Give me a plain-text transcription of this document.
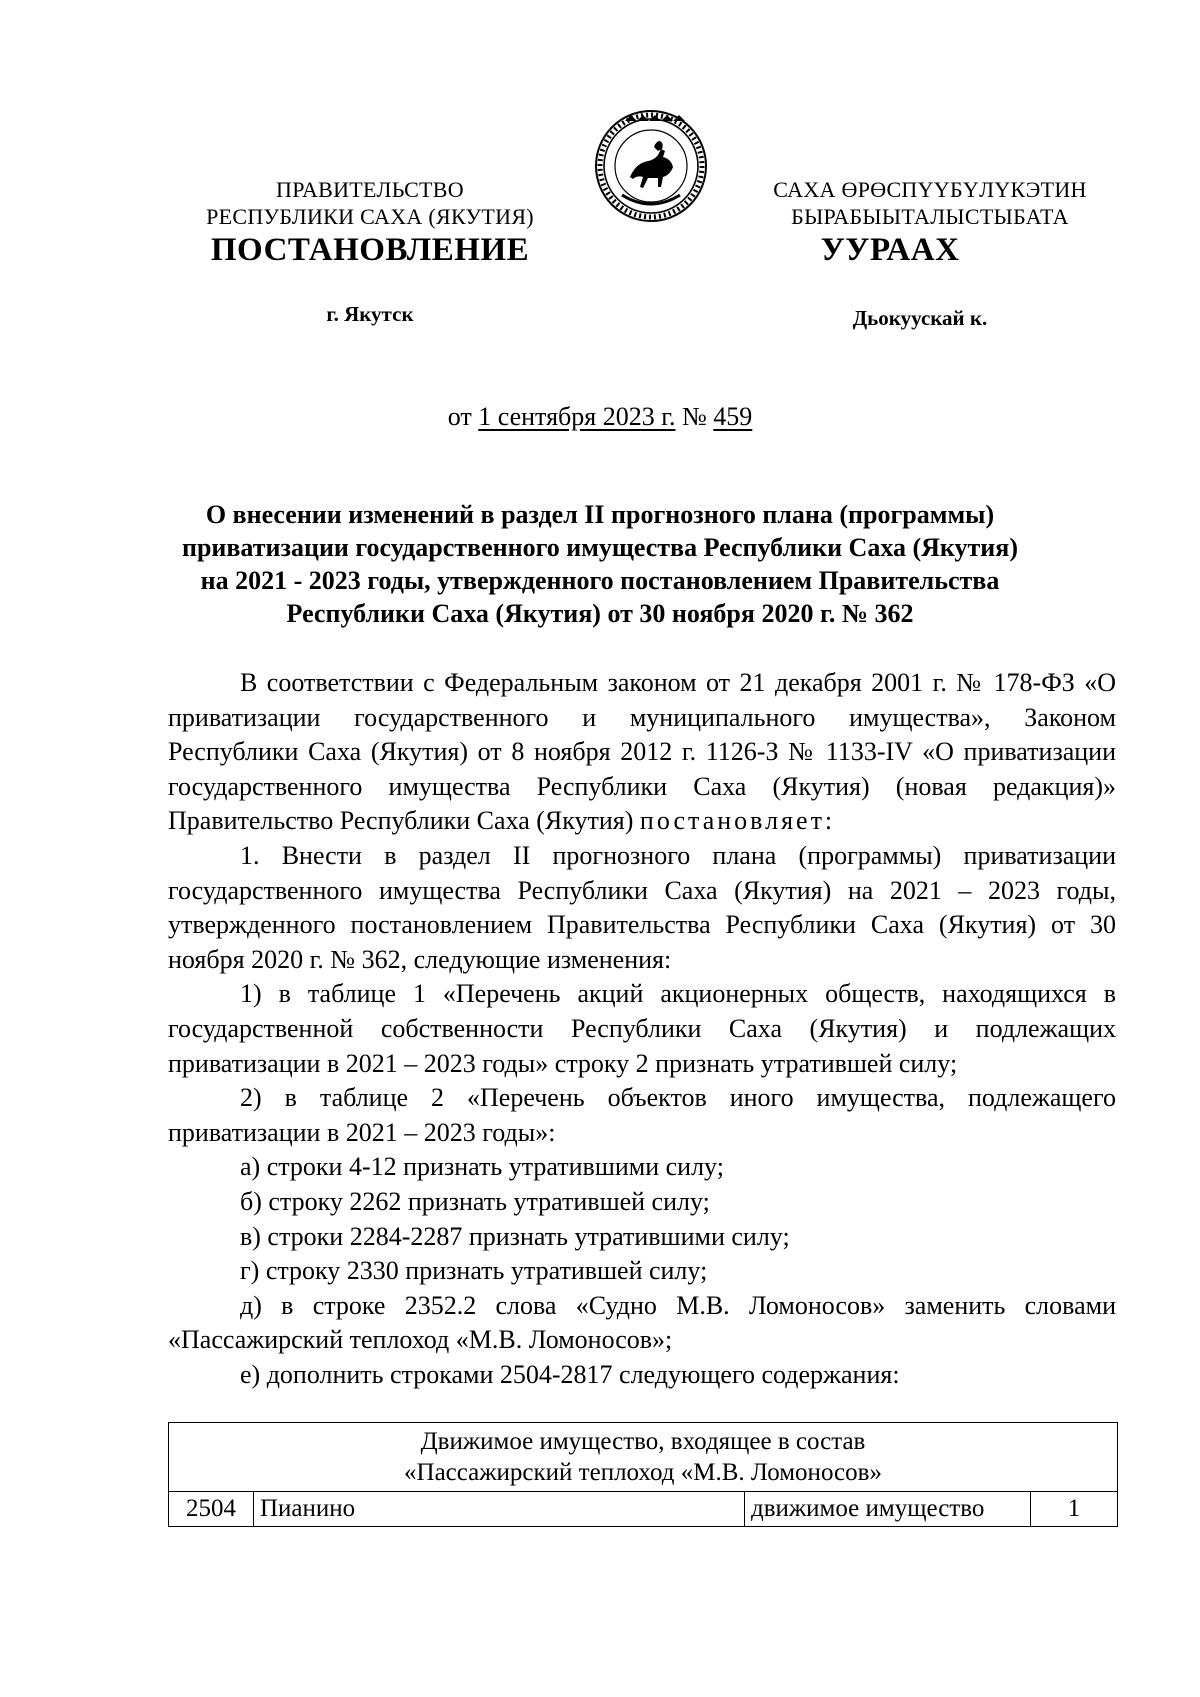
ПРАВИТЕЛЬСТВО
РЕСПУБЛИКИ САХА (ЯКУТИЯ)
САХА ӨРӨСПҮҮБҮЛҮКЭТИН
БЫРАБЫЫТАЛЫСТЫБАТА
ПОСТАНОВЛЕНИЕ	УУРААХ
г. Якутск	Дьокуускай к.
от 1 сентября 2023 г. № 459
О внесении изменений в раздел II прогнозного плана (программы)
приватизации государственного имущества Республики Саха (Якутия)
на 2021 - 2023 годы, утвержденного постановлением Правительства
Республики Саха (Якутия) от 30 ноября 2020 г. № 362

В соответствии с Федеральным законом от 21 декабря 2001 г. № 178-ФЗ «О приватизации государственного и муниципального имущества», Законом Республики Саха (Якутия) от 8 ноября 2012 г. 1126-З № 1133-IV «О приватизации государственного имущества Республики Саха (Якутия) (новая редакция)» Правительство Республики Саха (Якутия) постановляет:

1. Внести в раздел II прогнозного плана (программы) приватизации государственного имущества Республики Саха (Якутия) на 2021 – 2023 годы, утвержденного постановлением Правительства Республики Саха (Якутия) от 30 ноября 2020 г. № 362, следующие изменения:

1) в таблице 1 «Перечень акций акционерных обществ, находящихся в государственной собственности Республики Саха (Якутия) и подлежащих приватизации в 2021 – 2023 годы» строку 2 признать утратившей силу;

2) в таблице 2 «Перечень объектов иного имущества, подлежащего приватизации в 2021 – 2023 годы»:

а) строки 4-12 признать утратившими силу;

б) строку 2262 признать утратившей силу;

в) строки 2284-2287 признать утратившими силу;

г) строку 2330 признать утратившей силу;

д) в строке 2352.2 слова «Судно М.В. Ломоносов» заменить словами «Пассажирский теплоход «М.В. Ломоносов»;

е) дополнить строками 2504-2817 следующего содержания:

Движимое имущество, входящее в состав
«Пассажирский теплоход «М.В. Ломоносов»

2504	Пианино	движимое имущество	1
